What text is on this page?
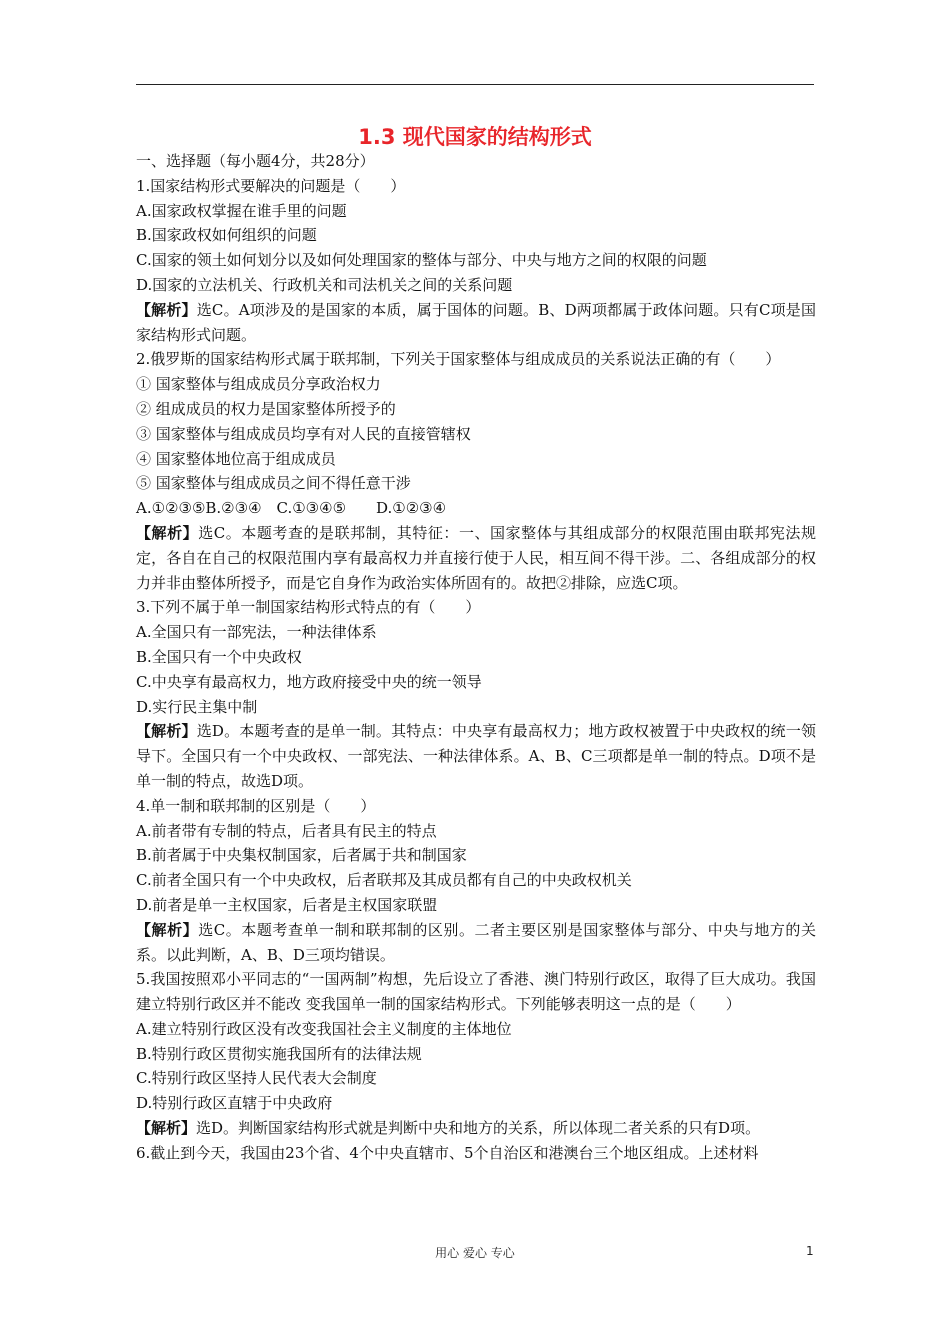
1.3 现代国家的结构形式

一、选择题（每小题4分，共28分）

1.国家结构形式要解决的问题是（　　）

A.国家政权掌握在谁手里的问题

B.国家政权如何组织的问题

C.国家的领土如何划分以及如何处理国家的整体与部分、中央与地方之间的权限的问题

D.国家的立法机关、行政机关和司法机关之间的关系问题

【解析】选C。A项涉及的是国家的本质，属于国体的问题。B、D两项都属于政体问题。只有C项是国家结构形式问题。

2.俄罗斯的国家结构形式属于联邦制，下列关于国家整体与组成成员的关系说法正确的有（　　）

① 国家整体与组成成员分享政治权力

② 组成成员的权力是国家整体所授予的

③ 国家整体与组成成员均享有对人民的直接管辖权

④ 国家整体地位高于组成成员

⑤ 国家整体与组成成员之间不得任意干涉

A.①②③⑤B.②③④　C.①③④⑤　　D.①②③④

【解析】选C。本题考查的是联邦制，其特征：一、国家整体与其组成部分的权限范围由联邦宪法规定，各自在自己的权限范围内享有最高权力并直接行使于人民，相互间不得干涉。二、各组成部分的权力并非由整体所授予，而是它自身作为政治实体所固有的。故把②排除，应选C项。

3.下列不属于单一制国家结构形式特点的有（　　）

A.全国只有一部宪法，一种法律体系

B.全国只有一个中央政权

C.中央享有最高权力，地方政府接受中央的统一领导

D.实行民主集中制

【解析】选D。本题考查的是单一制。其特点：中央享有最高权力；地方政权被置于中央政权的统一领导下。全国只有一个中央政权、一部宪法、一种法律体系。A、B、C三项都是单一制的特点。D项不是单一制的特点，故选D项。

4.单一制和联邦制的区别是（　　）

A.前者带有专制的特点，后者具有民主的特点

B.前者属于中央集权制国家，后者属于共和制国家

C.前者全国只有一个中央政权，后者联邦及其成员都有自己的中央政权机关

D.前者是单一主权国家，后者是主权国家联盟

【解析】选C。本题考查单一制和联邦制的区别。二者主要区别是国家整体与部分、中央与地方的关系。以此判断，A、B、D三项均错误。

5.我国按照邓小平同志的“一国两制”构想，先后设立了香港、澳门特别行政区，取得了巨大成功。我国建立特别行政区并不能改 变我国单一制的国家结构形式。下列能够表明这一点的是（　　）

A.建立特别行政区没有改变我国社会主义制度的主体地位

B.特别行政区贯彻实施我国所有的法律法规

C.特别行政区坚持人民代表大会制度

D.特别行政区直辖于中央政府

【解析】选D。判断国家结构形式就是判断中央和地方的关系，所以体现二者关系的只有D项。

6.截止到今天，我国由23个省、4个中央直辖市、5个自治区和港澳台三个地区组成。上述材料

用心 爱心 专心	1
